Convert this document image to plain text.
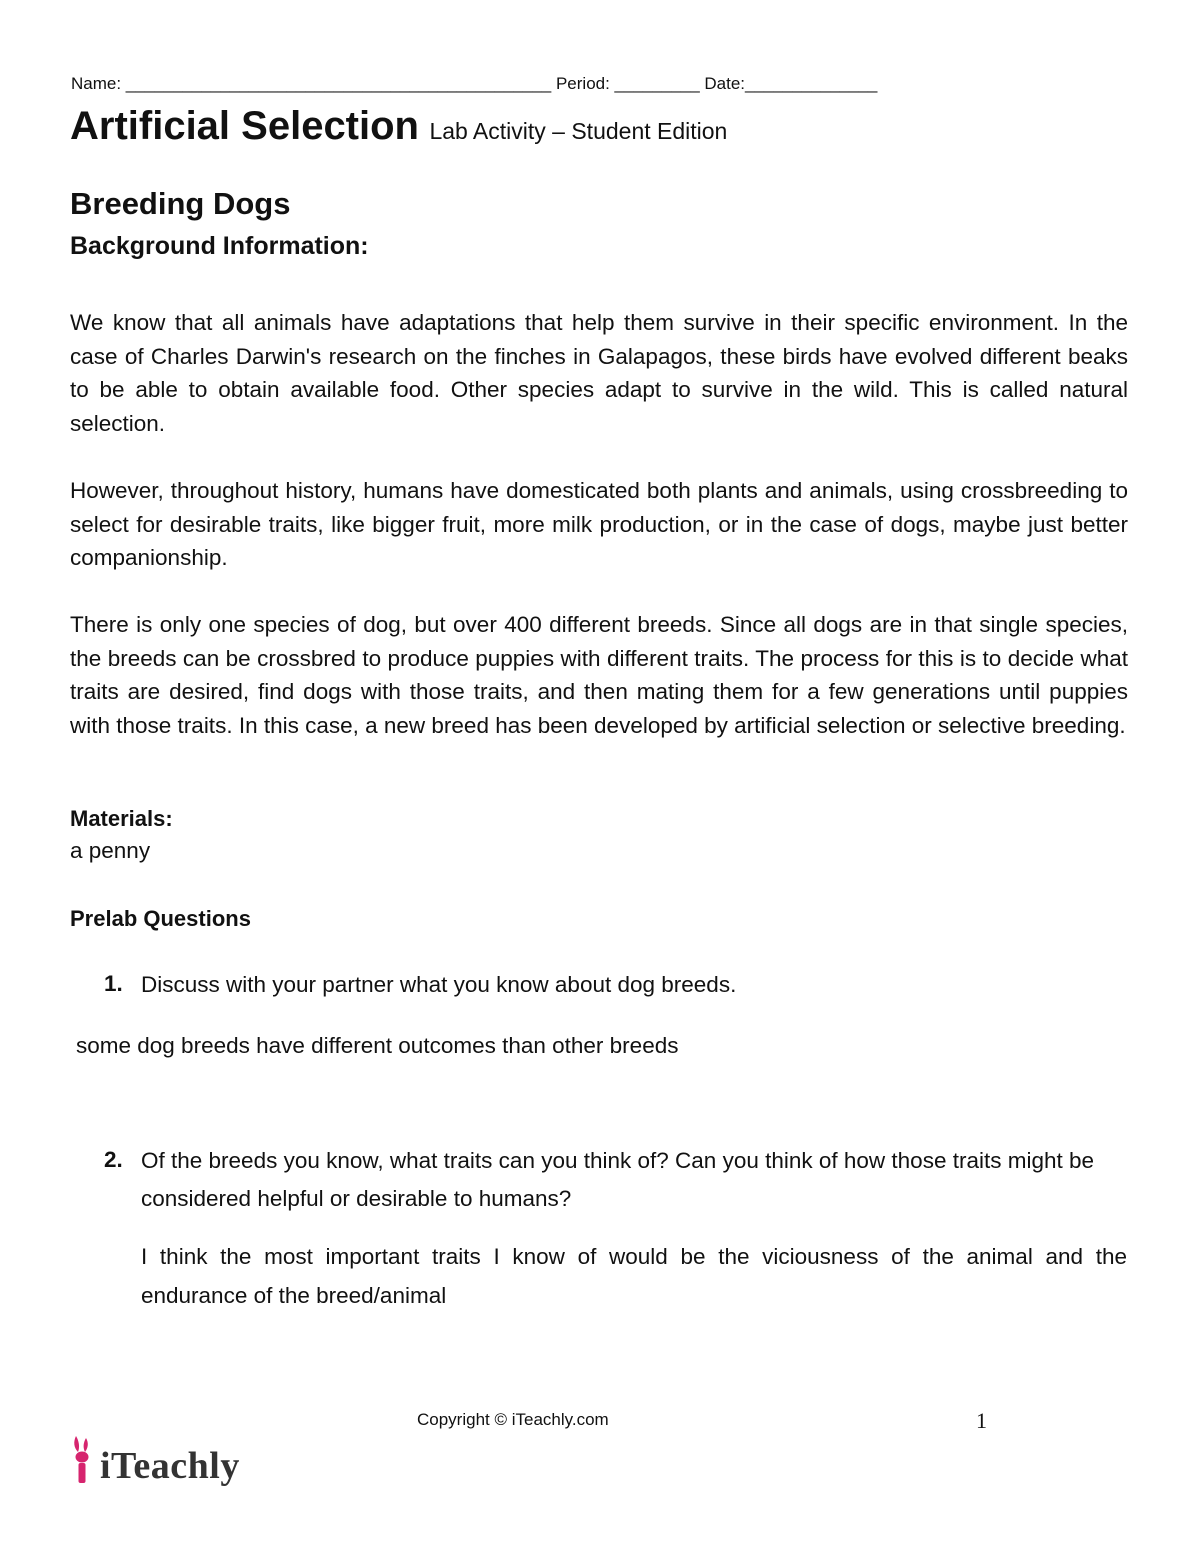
Name: _____________________________________________ Period: _________ Date:______________
Artificial Selection Lab Activity – Student Edition
Breeding Dogs
Background Information:
We know that all animals have adaptations that help them survive in their specific environment. In the case of Charles Darwin's research on the finches in Galapagos, these birds have evolved different beaks to be able to obtain available food. Other species adapt to survive in the wild. This is called natural selection.
However, throughout history, humans have domesticated both plants and animals, using crossbreeding to select for desirable traits, like bigger fruit, more milk production, or in the case of dogs, maybe just better companionship.
There is only one species of dog, but over 400 different breeds. Since all dogs are in that single species, the breeds can be crossbred to produce puppies with different traits. The process for this is to decide what traits are desired, find dogs with those traits, and then mating them for a few generations until puppies with those traits. In this case, a new breed has been developed by artificial selection or selective breeding.
Materials:
a penny
Prelab Questions
1. Discuss with your partner what you know about dog breeds.
some dog breeds have different outcomes than other breeds
2. Of the breeds you know, what traits can you think of? Can you think of how those traits might be considered helpful or desirable to humans?
I think the most important traits I know of would be the viciousness of the animal and the endurance of the breed/animal
Copyright © iTeachly.com	1
iTeachly
